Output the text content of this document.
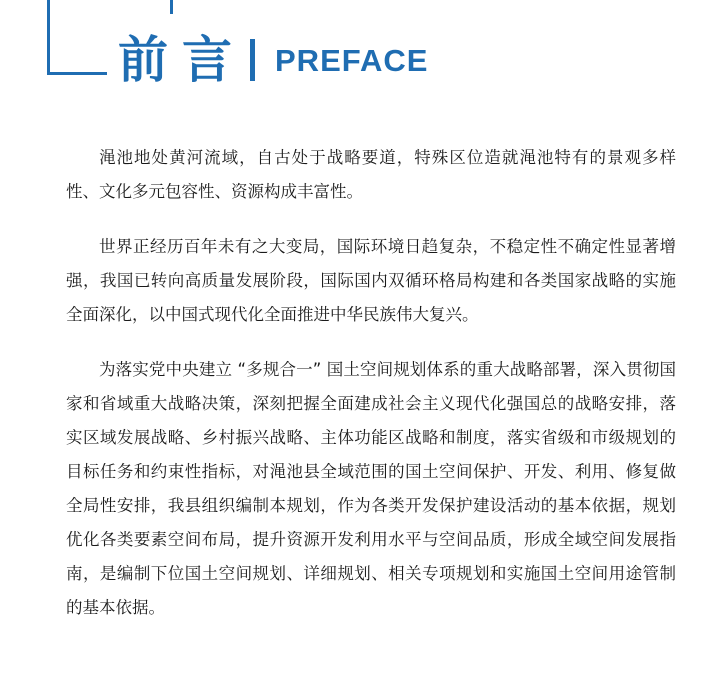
前言 PREFACE

渑池地处黄河流域，自古处于战略要道，特殊区位造就渑池特有的景观多样性、文化多元包容性、资源构成丰富性。

世界正经历百年未有之大变局，国际环境日趋复杂，不稳定性不确定性显著增强，我国已转向高质量发展阶段，国际国内双循环格局构建和各类国家战略的实施全面深化，以中国式现代化全面推进中华民族伟大复兴。

为落实党中央建立 “多规合一” 国土空间规划体系的重大战略部署，深入贯彻国家和省域重大战略决策，深刻把握全面建成社会主义现代化强国总的战略安排，落实区域发展战略、乡村振兴战略、主体功能区战略和制度，落实省级和市级规划的目标任务和约束性指标，对渑池县全域范围的国土空间保护、开发、利用、修复做全局性安排，我县组织编制本规划，作为各类开发保护建设活动的基本依据，规划优化各类要素空间布局，提升资源开发利用水平与空间品质，形成全域空间发展指南，是编制下位国土空间规划、详细规划、相关专项规划和实施国土空间用途管制的基本依据。
